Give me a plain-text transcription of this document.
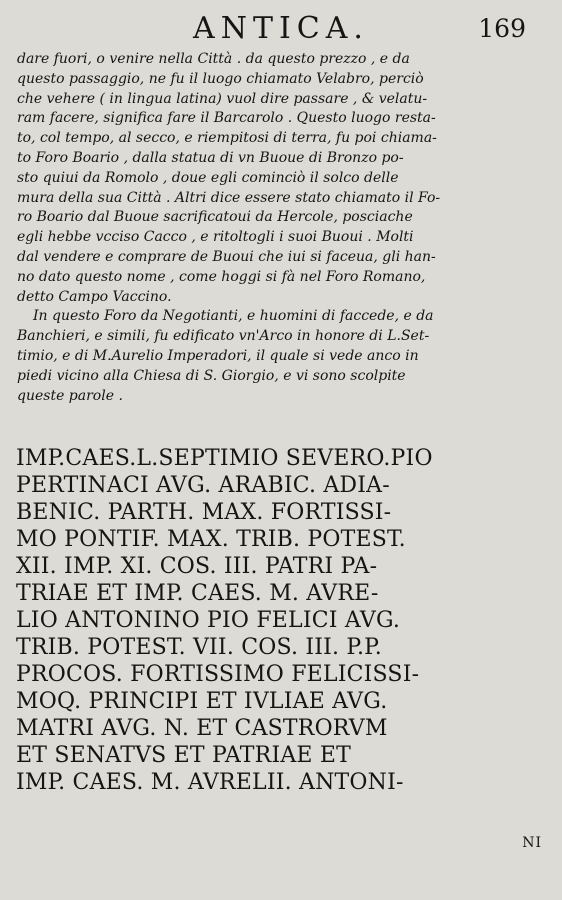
ANTICA.	169
dare fuori, o venire nella Città . da questo prezzo , e da
questo passaggio, ne fu il luogo chiamato Velabro, perciò
che vehere ( in lingua latina) vuol dire passare , & velatu-
ram facere, significa fare il Barcarolo . Questo luogo resta-
to, col tempo, al secco, e riempitosi di terra, fu poi chiama-
to Foro Boario , dalla statua di vn Buoue di Bronzo po-
sto quiui da Romolo , doue egli cominciò il solco delle
mura della sua Città . Altri dice essere stato chiamato il Fo-
ro Boario dal Buoue sacrificatoui da Hercole, posciache
egli hebbe vcciso Cacco , e ritoltogli i suoi Buoui . Molti
dal vendere e comprare de Buoui che iui si faceua, gli han-
no dato questo nome , come hoggi si fà nel Foro Romano,
detto Campo Vaccino.
In questo Foro da Negotianti, e huomini di faccede, e da
Banchieri, e simili, fu edificato vn'Arco in honore di L.Set-
timio, e di M.Aurelio Imperadori, il quale si vede anco in
piedi vicino alla Chiesa di S. Giorgio, e vi sono scolpite
queste parole .
IMP.CAES.L.SEPTIMIO SEVERO.PIO
PERTINACI AVG. ARABIC. ADIA-
BENIC. PARTH. MAX. FORTISSI-
MO PONTIF. MAX. TRIB. POTEST.
XII. IMP. XI. COS. III. PATRI PA-
TRIAE ET IMP. CAES. M. AVRE-
LIO ANTONINO PIO FELICI AVG.
TRIB. POTEST. VII. COS. III. P.P.
PROCOS. FORTISSIMO FELICISSI-
MOQ. PRINCIPI ET IVLIAE AVG.
MATRI AVG. N. ET CASTRORVM
ET SENATVS ET PATRIAE ET
IMP. CAES. M. AVRELII. ANTONI-
NI
